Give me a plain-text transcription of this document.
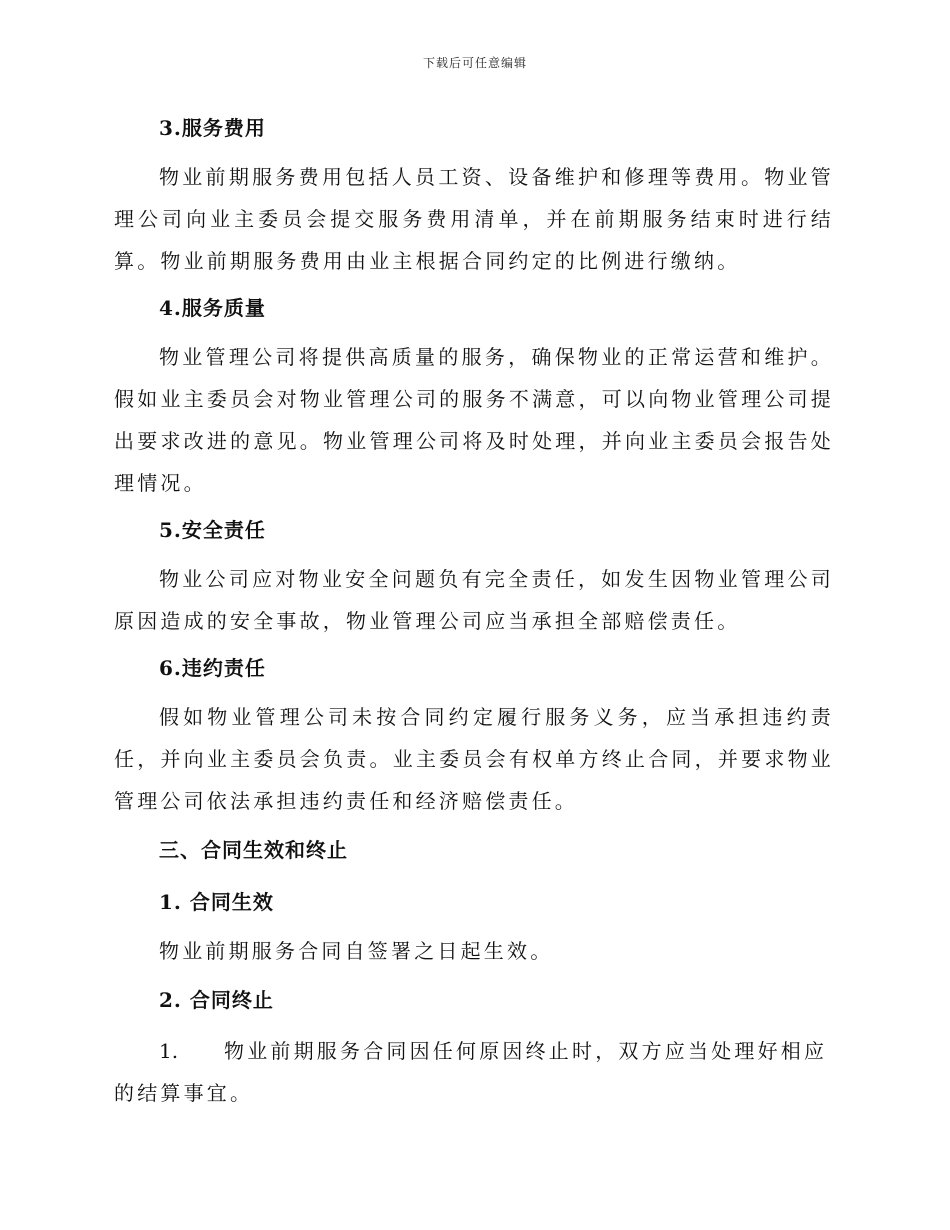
下载后可任意编辑
3.服务费用

物业前期服务费用包括人员工资、设备维护和修理等费用。物业管理公司向业主委员会提交服务费用清单，并在前期服务结束时进行结算。物业前期服务费用由业主根据合同约定的比例进行缴纳。

4.服务质量

物业管理公司将提供高质量的服务，确保物业的正常运营和维护。假如业主委员会对物业管理公司的服务不满意，可以向物业管理公司提出要求改进的意见。物业管理公司将及时处理，并向业主委员会报告处理情况。

5.安全责任

物业公司应对物业安全问题负有完全责任，如发生因物业管理公司原因造成的安全事故，物业管理公司应当承担全部赔偿责任。

6.违约责任

假如物业管理公司未按合同约定履行服务义务，应当承担违约责任，并向业主委员会负责。业主委员会有权单方终止合同，并要求物业管理公司依法承担违约责任和经济赔偿责任。

三、合同生效和终止
1. 合同生效

物业前期服务合同自签署之日起生效。

2. 合同终止

1. 物业前期服务合同因任何原因终止时，双方应当处理好相应的结算事宜。
